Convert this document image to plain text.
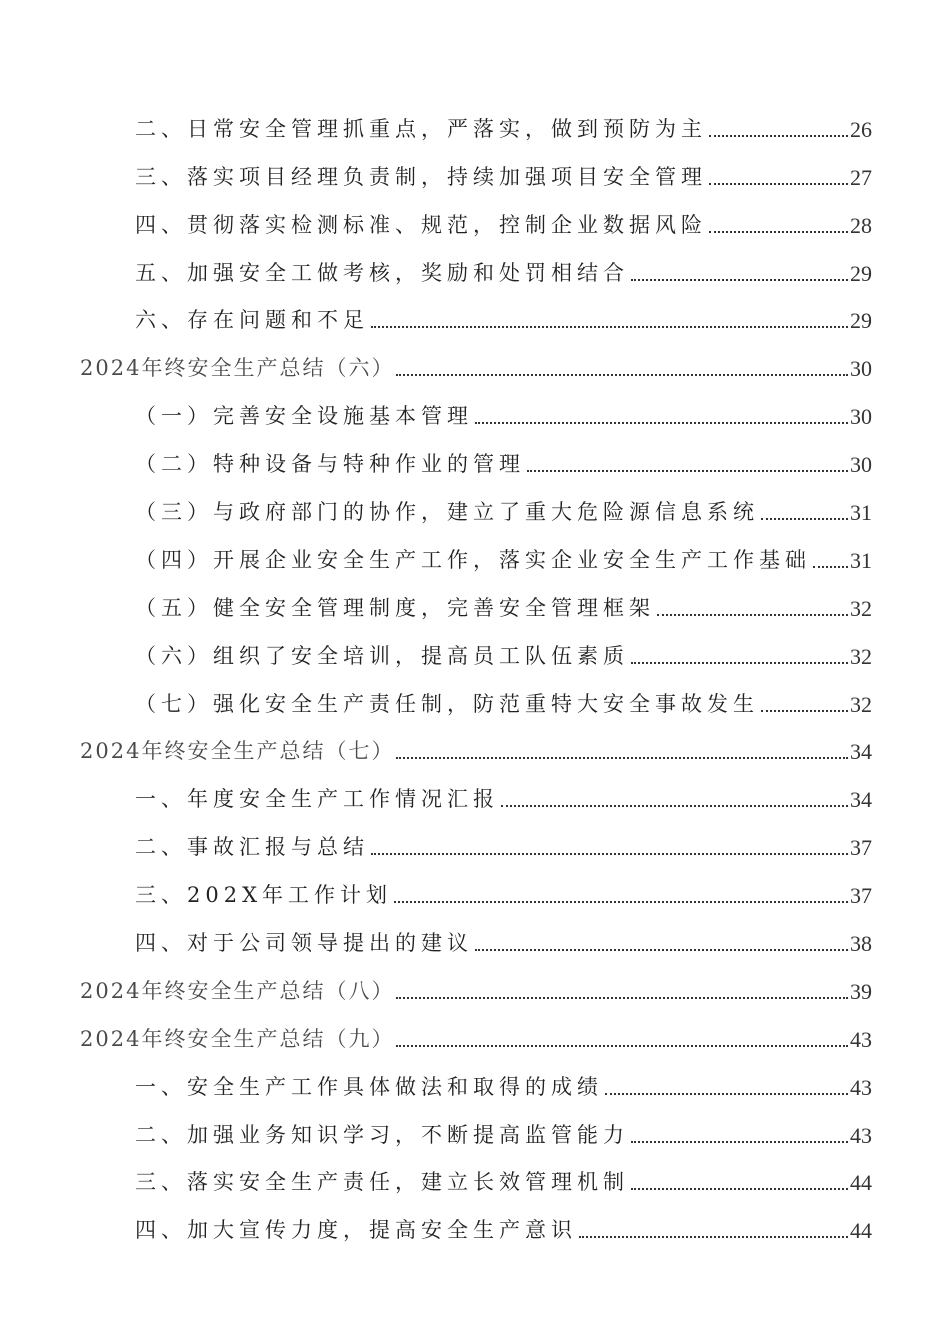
二、日常安全管理抓重点，严落实，做到预防为主	26
三、落实项目经理负责制，持续加强项目安全管理	27
四、贯彻落实检测标准、规范，控制企业数据风险	28
五、加强安全工做考核，奖励和处罚相结合	29
六、存在问题和不足	29
2024年终安全生产总结（六）	30
（一）完善安全设施基本管理	30
（二）特种设备与特种作业的管理	30
（三）与政府部门的协作，建立了重大危险源信息系统	31
（四）开展企业安全生产工作，落实企业安全生产工作基础 31
（五）健全安全管理制度，完善安全管理框架	32
（六）组织了安全培训，提高员工队伍素质	32
（七）强化安全生产责任制，防范重特大安全事故发生	32
2024年终安全生产总结（七）	34
一、年度安全生产工作情况汇报	34
二、事故汇报与总结	37
三、202X年工作计划	37
四、对于公司领导提出的建议	38
2024年终安全生产总结（八）	39
2024年终安全生产总结（九）	43
一、安全生产工作具体做法和取得的成绩	43
二、加强业务知识学习，不断提高监管能力	43
三、落实安全生产责任，建立长效管理机制	44
四、加大宣传力度，提高安全生产意识	44
